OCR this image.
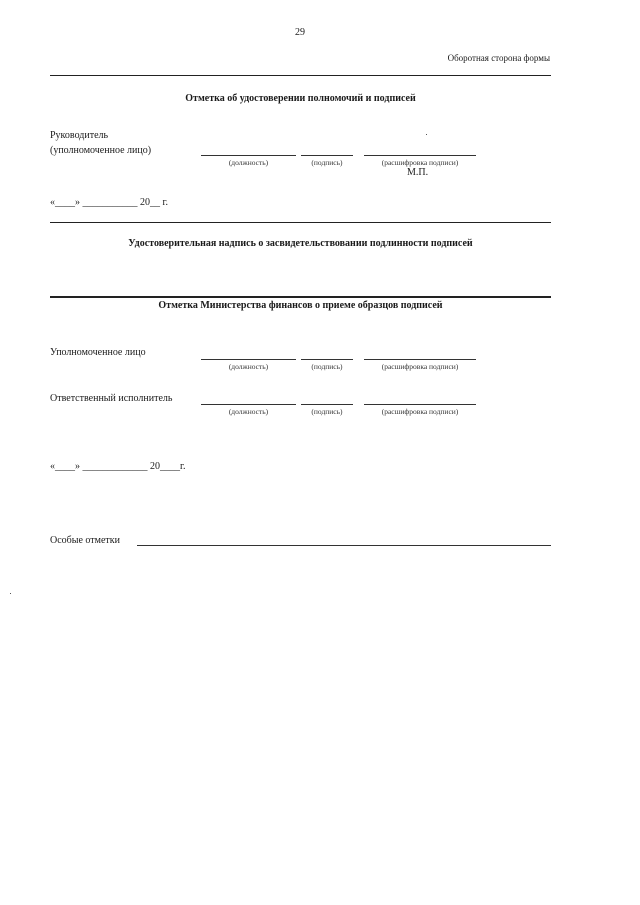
29
Оборотная сторона формы
Отметка об удостоверении полномочий и подписей
Руководитель
(уполномоченное лицо)
(должность)	(подпись)	(расшифровка подписи)
М.П.
«____» ___________ 20__ г.
Удостоверительная надпись о засвидетельствовании подлинности подписей
Отметка Министерства финансов о приеме образцов подписей
Уполномоченное лицо
(должность)	(подпись)	(расшифровка подписи)
Ответственный исполнитель
(должность)	(подпись)	(расшифровка подписи)
«____» _____________ 20____г.
Особые отметки
